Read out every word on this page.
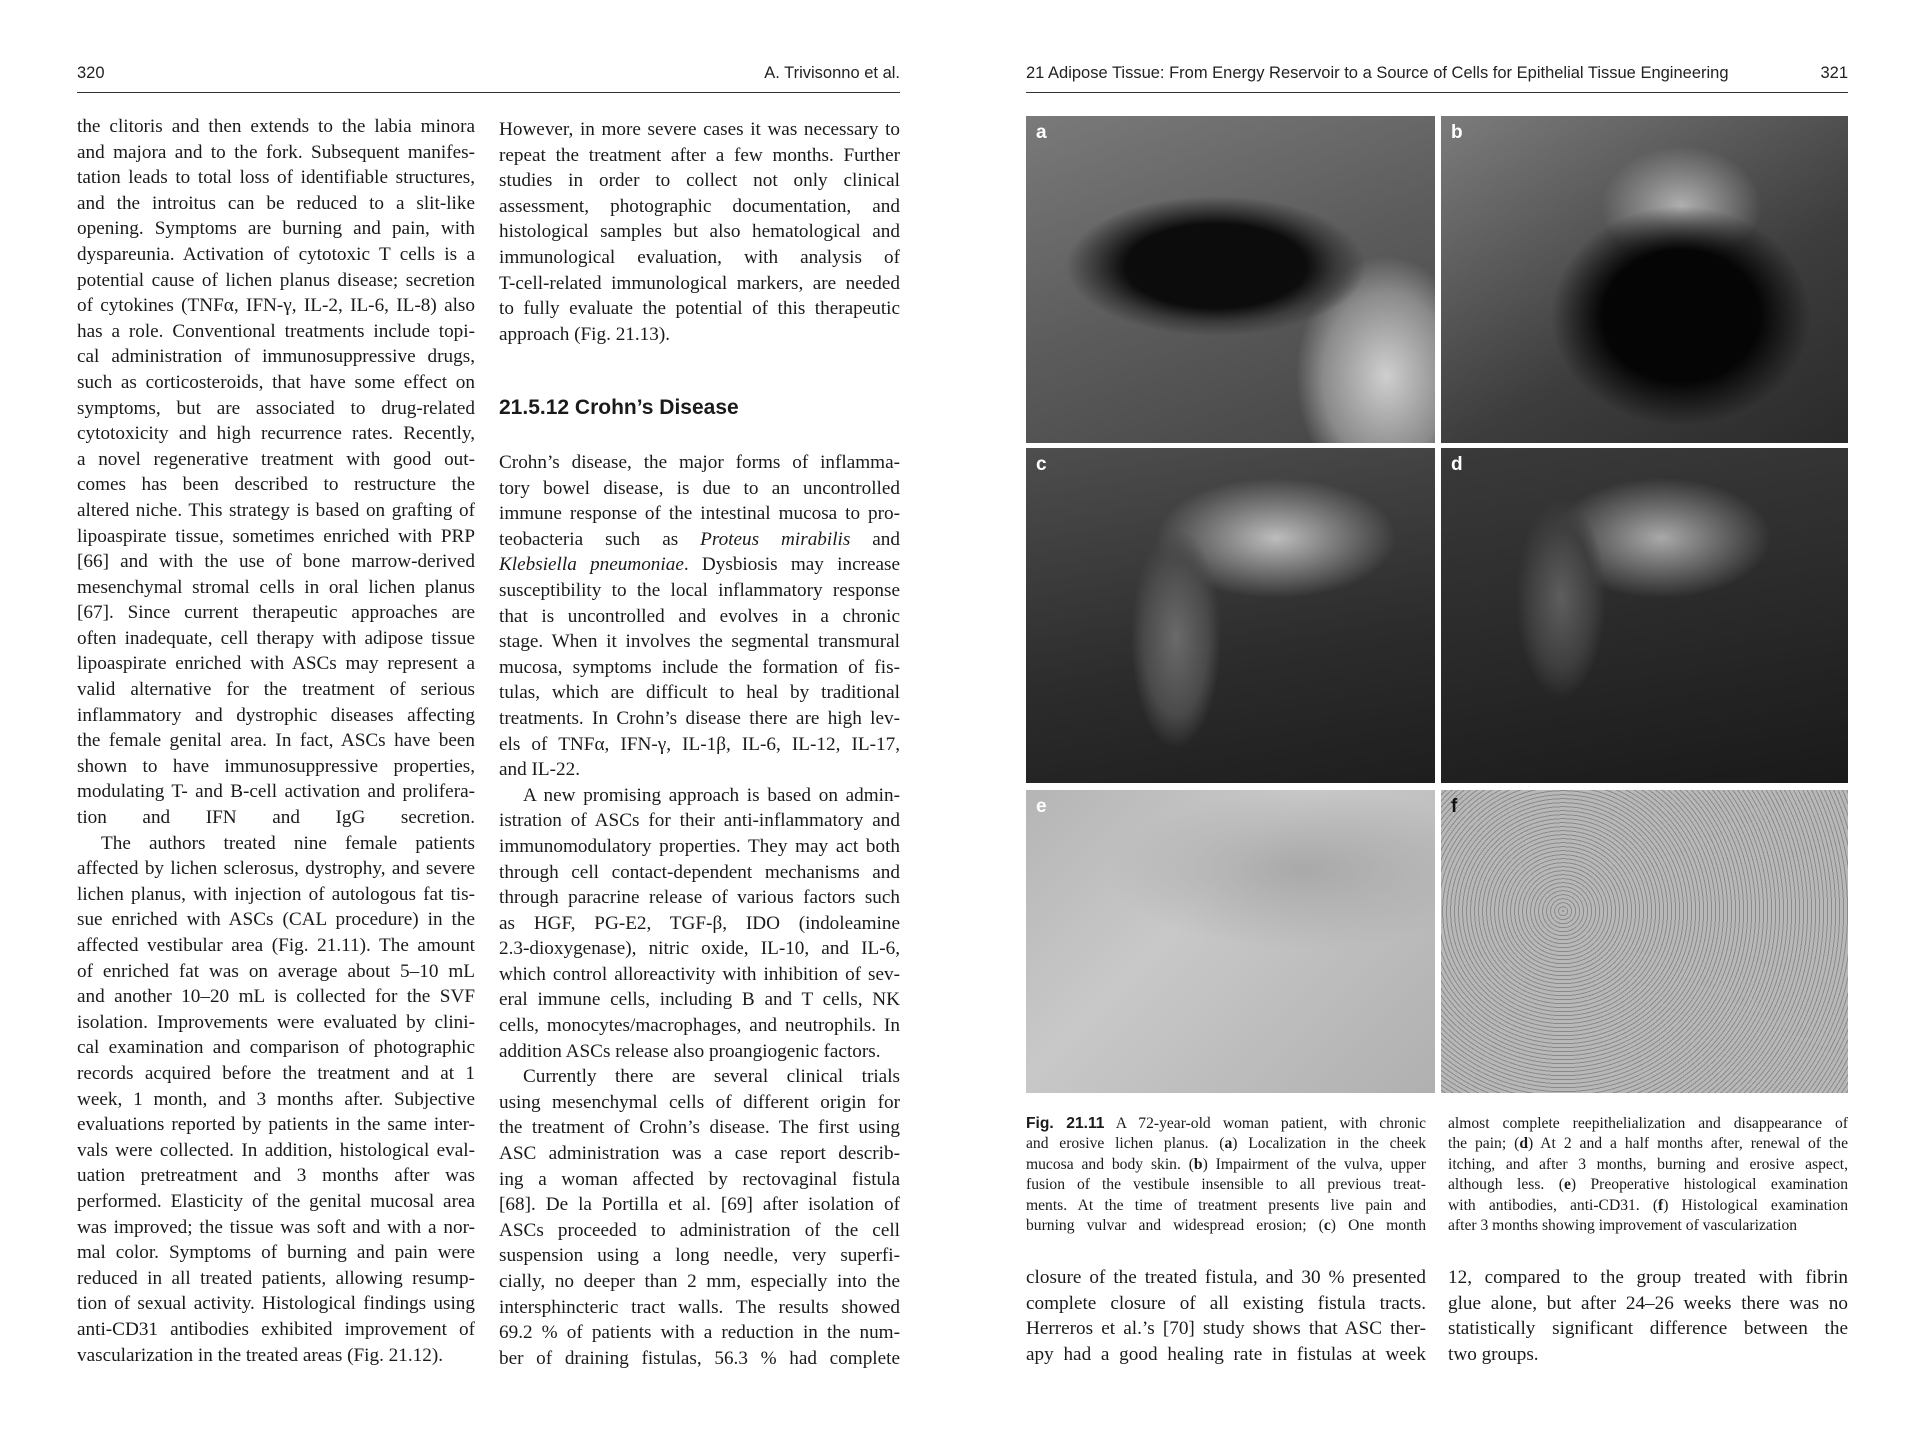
320	A. Trivisonno et al.	21 Adipose Tissue: From Energy Reservoir to a Source of Cells for Epithelial Tissue Engineering	321
the clitoris and then extends to the labia minora
and majora and to the fork. Subsequent manifes-
tation leads to total loss of identifiable structures,
and the introitus can be reduced to a slit-like
opening. Symptoms are burning and pain, with
dyspareunia. Activation of cytotoxic T cells is a
potential cause of lichen planus disease; secretion
of cytokines (TNFα, IFN-γ, IL-2, IL-6, IL-8) also
has a role. Conventional treatments include topi-
cal administration of immunosuppressive drugs,
such as corticosteroids, that have some effect on
symptoms, but are associated to drug-related
cytotoxicity and high recurrence rates. Recently,
a novel regenerative treatment with good out-
comes has been described to restructure the
altered niche. This strategy is based on grafting of
lipoaspirate tissue, sometimes enriched with PRP
[66] and with the use of bone marrow-derived
mesenchymal stromal cells in oral lichen planus
[67]. Since current therapeutic approaches are
often inadequate, cell therapy with adipose tissue
lipoaspirate enriched with ASCs may represent a
valid alternative for the treatment of serious
inflammatory and dystrophic diseases affecting
the female genital area. In fact, ASCs have been
shown to have immunosuppressive properties,
modulating T- and B-cell activation and prolifera-
tion and IFN and IgG secretion.
The authors treated nine female patients
affected by lichen sclerosus, dystrophy, and severe
lichen planus, with injection of autologous fat tis-
sue enriched with ASCs (CAL procedure) in the
affected vestibular area (Fig. 21.11). The amount
of enriched fat was on average about 5–10 mL
and another 10–20 mL is collected for the SVF
isolation. Improvements were evaluated by clini-
cal examination and comparison of photographic
records acquired before the treatment and at 1
week, 1 month, and 3 months after. Subjective
evaluations reported by patients in the same inter-
vals were collected. In addition, histological eval-
uation pretreatment and 3 months after was
performed. Elasticity of the genital mucosal area
was improved; the tissue was soft and with a nor-
mal color. Symptoms of burning and pain were
reduced in all treated patients, allowing resump-
tion of sexual activity. Histological findings using
anti-CD31 antibodies exhibited improvement of
vascularization in the treated areas (Fig. 21.12).
However, in more severe cases it was necessary to
repeat the treatment after a few months. Further
studies in order to collect not only clinical
assessment, photographic documentation, and
histological samples but also hematological and
immunological evaluation, with analysis of
T-cell-related immunological markers, are needed
to fully evaluate the potential of this therapeutic
approach (Fig. 21.13).
21.5.12 Crohn’s Disease
Crohn’s disease, the major forms of inflamma-
tory bowel disease, is due to an uncontrolled
immune response of the intestinal mucosa to pro-
teobacteria such as Proteus mirabilis and
Klebsiella pneumoniae. Dysbiosis may increase
susceptibility to the local inflammatory response
that is uncontrolled and evolves in a chronic
stage. When it involves the segmental transmural
mucosa, symptoms include the formation of fis-
tulas, which are difficult to heal by traditional
treatments. In Crohn’s disease there are high lev-
els of TNFα, IFN-γ, IL-1β, IL-6, IL-12, IL-17,
and IL-22.
A new promising approach is based on admin-
istration of ASCs for their anti-inflammatory and
immunomodulatory properties. They may act both
through cell contact-dependent mechanisms and
through paracrine release of various factors such
as HGF, PG-E2, TGF-β, IDO (indoleamine
2.3-dioxygenase), nitric oxide, IL-10, and IL-6,
which control alloreactivity with inhibition of sev-
eral immune cells, including B and T cells, NK
cells, monocytes/macrophages, and neutrophils. In
addition ASCs release also proangiogenic factors.
Currently there are several clinical trials
using mesenchymal cells of different origin for
the treatment of Crohn’s disease. The first using
ASC administration was a case report describ-
ing a woman affected by rectovaginal fistula
[68]. De la Portilla et al. [69] after isolation of
ASCs proceeded to administration of the cell
suspension using a long needle, very superfi-
cially, no deeper than 2 mm, especially into the
intersphincteric tract walls. The results showed
69.2 % of patients with a reduction in the num-
ber of draining fistulas, 56.3 % had complete
a	b
c	d
e	f
Fig. 21.11 A 72-year-old woman patient, with chronic
and erosive lichen planus. (a) Localization in the cheek
mucosa and body skin. (b) Impairment of the vulva, upper
fusion of the vestibule insensible to all previous treat-
ments. At the time of treatment presents live pain and
burning vulvar and widespread erosion; (c) One month
almost complete reepithelialization and disappearance of
the pain; (d) At 2 and a half months after, renewal of the
itching, and after 3 months, burning and erosive aspect,
although less. (e) Preoperative histological examination
with antibodies, anti-CD31. (f) Histological examination
after 3 months showing improvement of vascularization
closure of the treated fistula, and 30 % presented
complete closure of all existing fistula tracts.
Herreros et al.’s [70] study shows that ASC ther-
apy had a good healing rate in fistulas at week
12, compared to the group treated with fibrin
glue alone, but after 24–26 weeks there was no
statistically significant difference between the
two groups.
